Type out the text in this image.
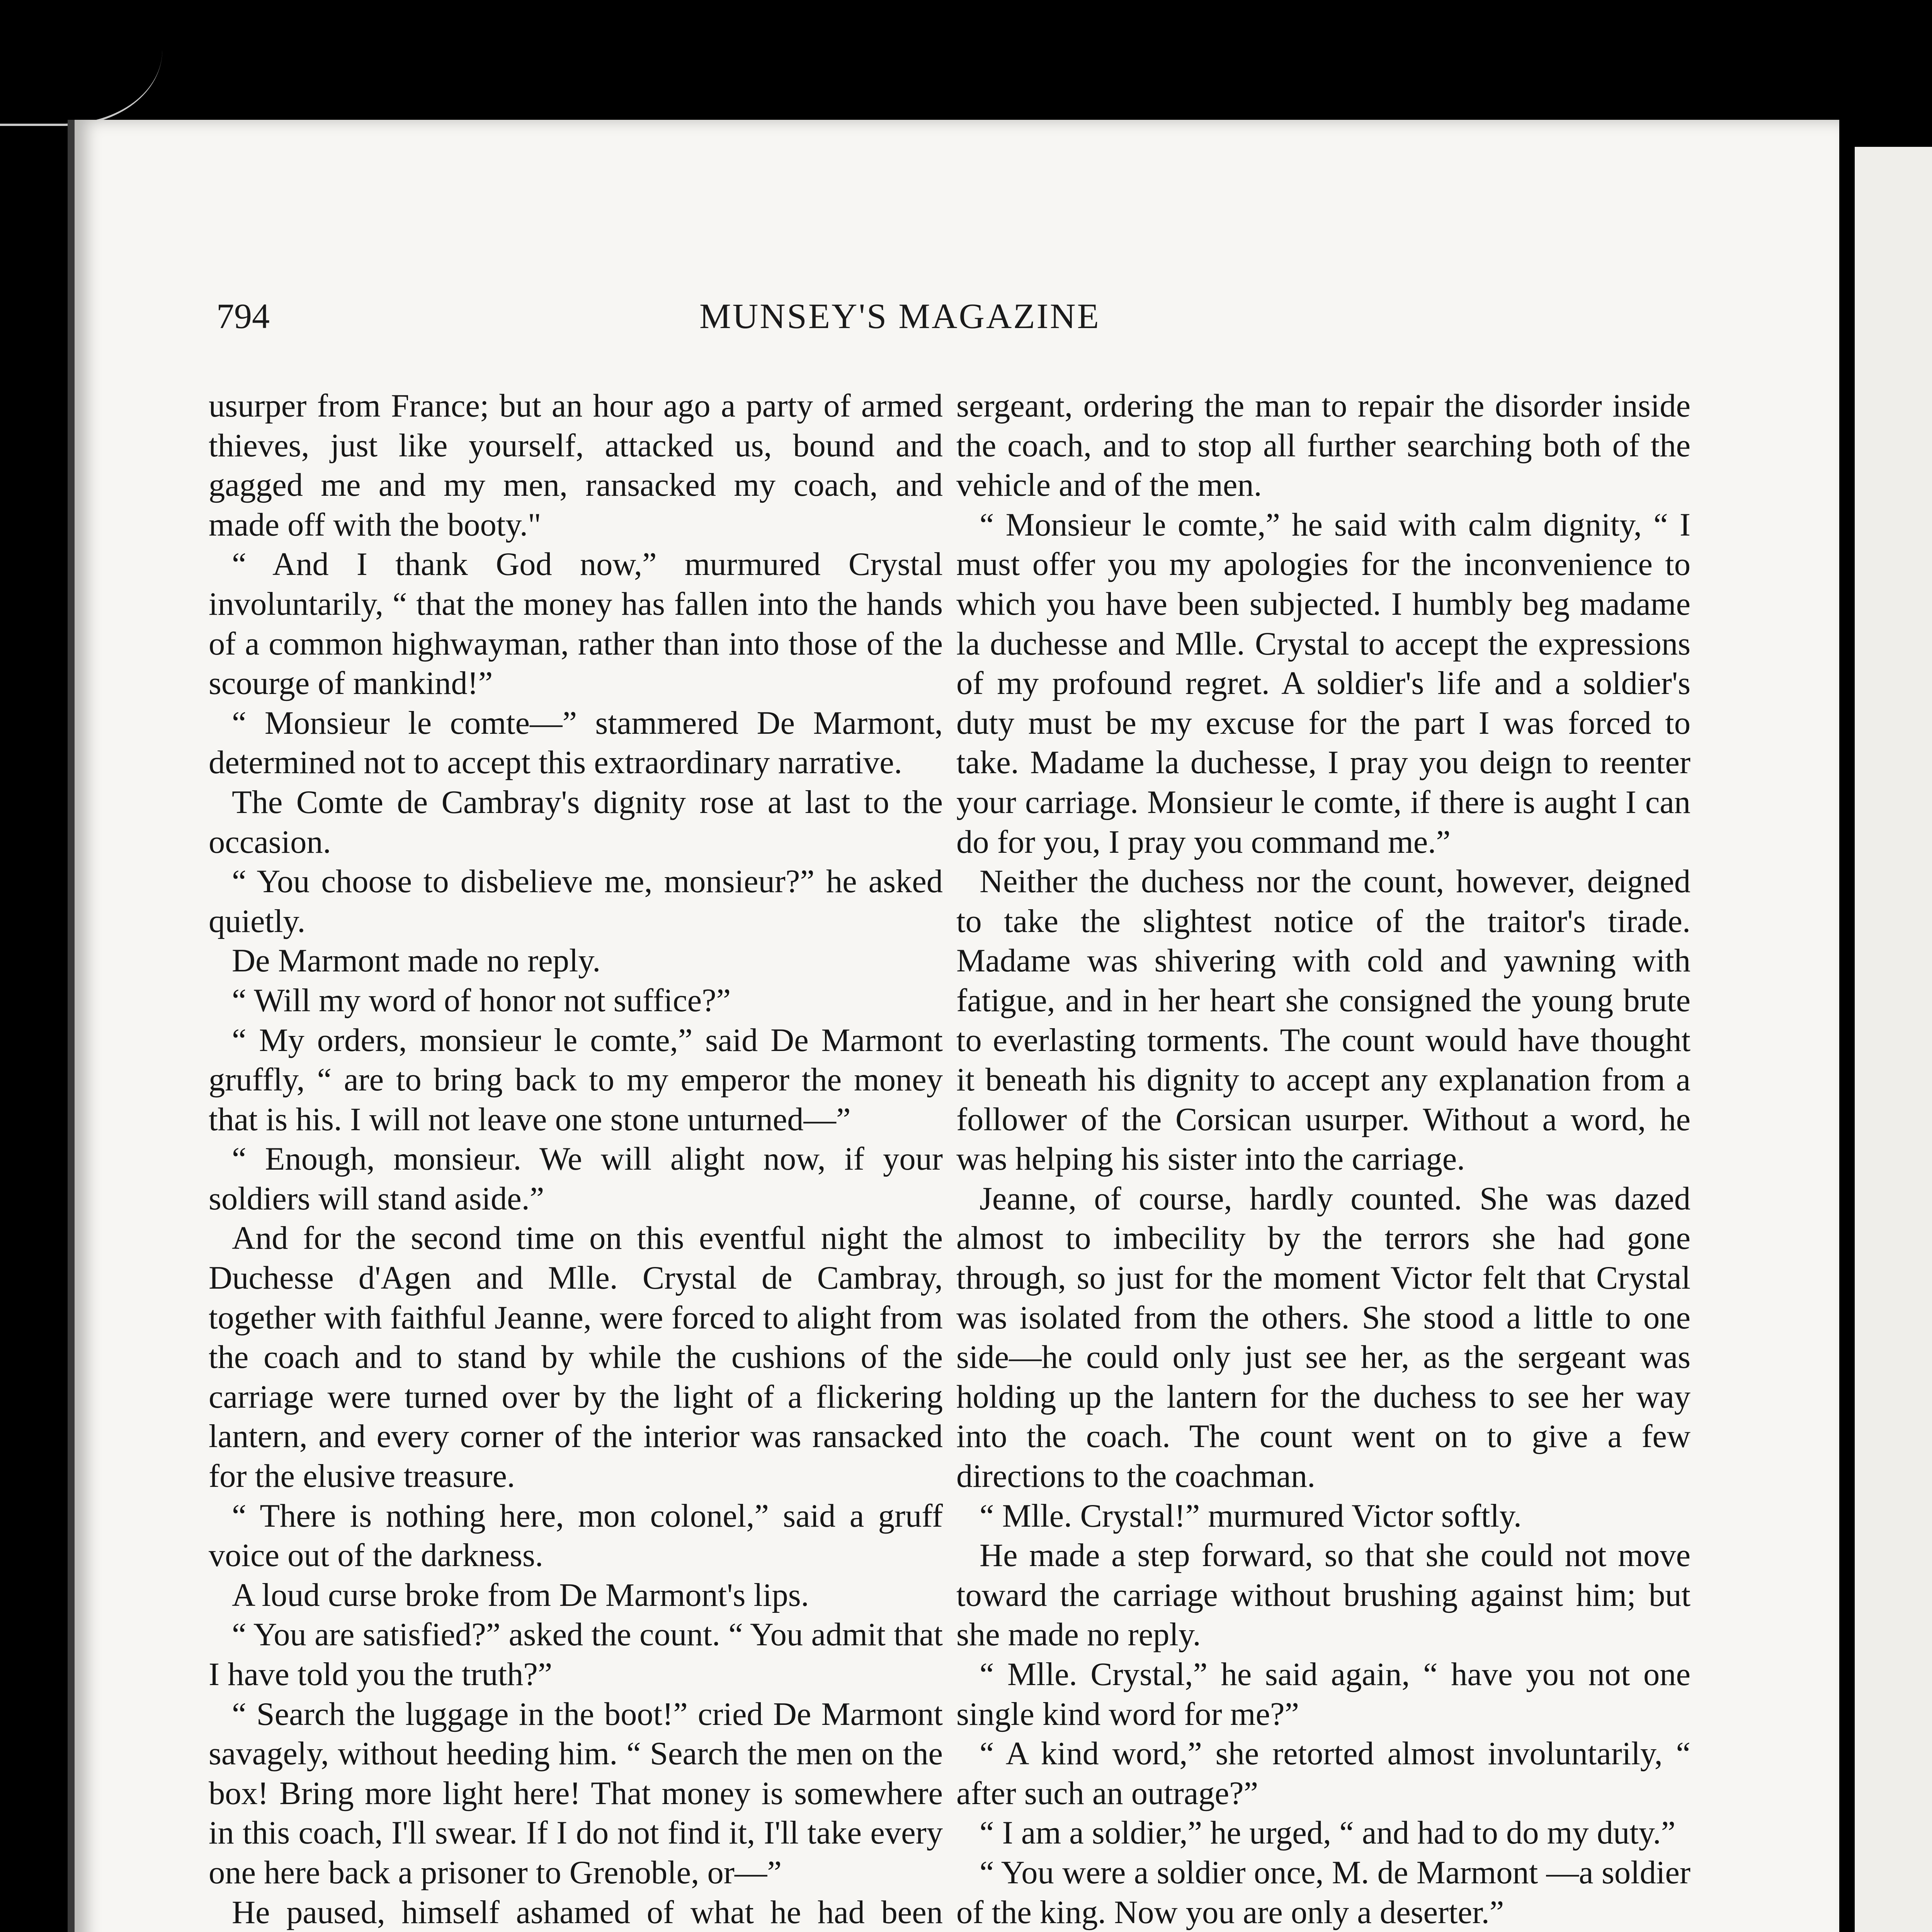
794	MUNSEY'S MAGAZINE

usurper from France; but an hour ago a party of armed thieves, just like yourself, attacked us, bound and gagged me and my men, ransacked my coach, and made off with the booty."

“ And I thank God now,” murmured Crystal involuntarily, “ that the money has fallen into the hands of a common highwayman, rather than into those of the scourge of mankind!”

“ Monsieur le comte—” stammered De Marmont, determined not to accept this extraordinary narrative.

The Comte de Cambray's dignity rose at last to the occasion.

“ You choose to disbelieve me, monsieur?” he asked quietly.

De Marmont made no reply.

“ Will my word of honor not suffice?”

“ My orders, monsieur le comte,” said De Marmont gruffly, “ are to bring back to my emperor the money that is his. I will not leave one stone unturned—”

“ Enough, monsieur. We will alight now, if your soldiers will stand aside.”

And for the second time on this eventful night the Duchesse d'Agen and Mlle. Crystal de Cambray, together with faithful Jeanne, were forced to alight from the coach and to stand by while the cushions of the carriage were turned over by the light of a flickering lantern, and every corner of the interior was ransacked for the elusive treasure.

“ There is nothing here, mon colonel,” said a gruff voice out of the darkness.

A loud curse broke from De Marmont's lips.

“ You are satisfied?” asked the count. “ You admit that I have told you the truth?”

“ Search the luggage in the boot!” cried De Marmont savagely, without heeding him. “ Search the men on the box! Bring more light here! That money is somewhere in this coach, I'll swear. If I do not find it, I'll take every one here back a prisoner to Grenoble, or—”

He paused, himself ashamed of what he had been

sergeant, ordering the man to repair the disorder inside the coach, and to stop all further searching both of the vehicle and of the men.

“ Monsieur le comte,” he said with calm dignity, “ I must offer you my apologies for the inconvenience to which you have been subjected. I humbly beg madame la duchesse and Mlle. Crystal to accept the expressions of my profound regret. A soldier's life and a soldier's duty must be my excuse for the part I was forced to take. Madame la duchesse, I pray you deign to reenter your carriage. Monsieur le comte, if there is aught I can do for you, I pray you command me.”

Neither the duchess nor the count, however, deigned to take the slightest notice of the traitor's tirade. Madame was shivering with cold and yawning with fatigue, and in her heart she consigned the young brute to everlasting torments. The count would have thought it beneath his dignity to accept any explanation from a follower of the Corsican usurper. Without a word, he was helping his sister into the carriage.

Jeanne, of course, hardly counted. She was dazed almost to imbecility by the terrors she had gone through, so just for the moment Victor felt that Crystal was isolated from the others. She stood a little to one side—he could only just see her, as the sergeant was holding up the lantern for the duchess to see her way into the coach. The count went on to give a few directions to the coachman.

“ Mlle. Crystal!” murmured Victor softly.

He made a step forward, so that she could not move toward the carriage without brushing against him; but she made no reply.

“ Mlle. Crystal,” he said again, “ have you not one single kind word for me?”

“ A kind word,” she retorted almost involuntarily, “ after such an outrage?”

“ I am a soldier,” he urged, “ and had to do my duty.”

“ You were a soldier once, M. de Marmont —a soldier of the king. Now you are only a deserter.”
